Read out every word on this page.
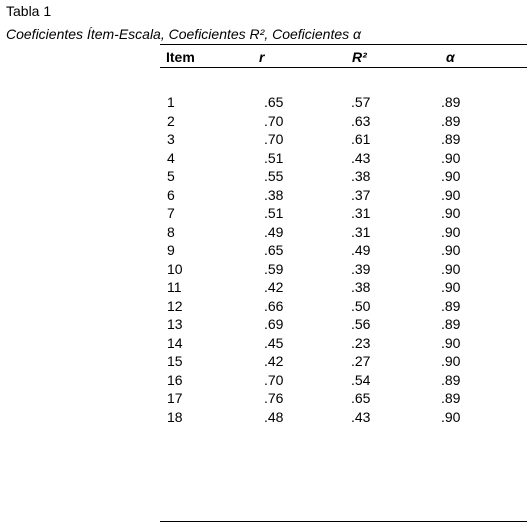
Tabla 1
Coeficientes Ítem-Escala, Coeficientes R², Coeficientes α
Item	r	R²	α
1	.65	.57	.89
2	.70	.63	.89
3	.70	.61	.89
4	.51	.43	.90
5	.55	.38	.90
6	.38	.37	.90
7	.51	.31	.90
8	.49	.31	.90
9	.65	.49	.90
10	.59	.39	.90
11	.42	.38	.90
12	.66	.50	.89
13	.69	.56	.89
14	.45	.23	.90
15	.42	.27	.90
16	.70	.54	.89
17	.76	.65	.89
18	.48	.43	.90
